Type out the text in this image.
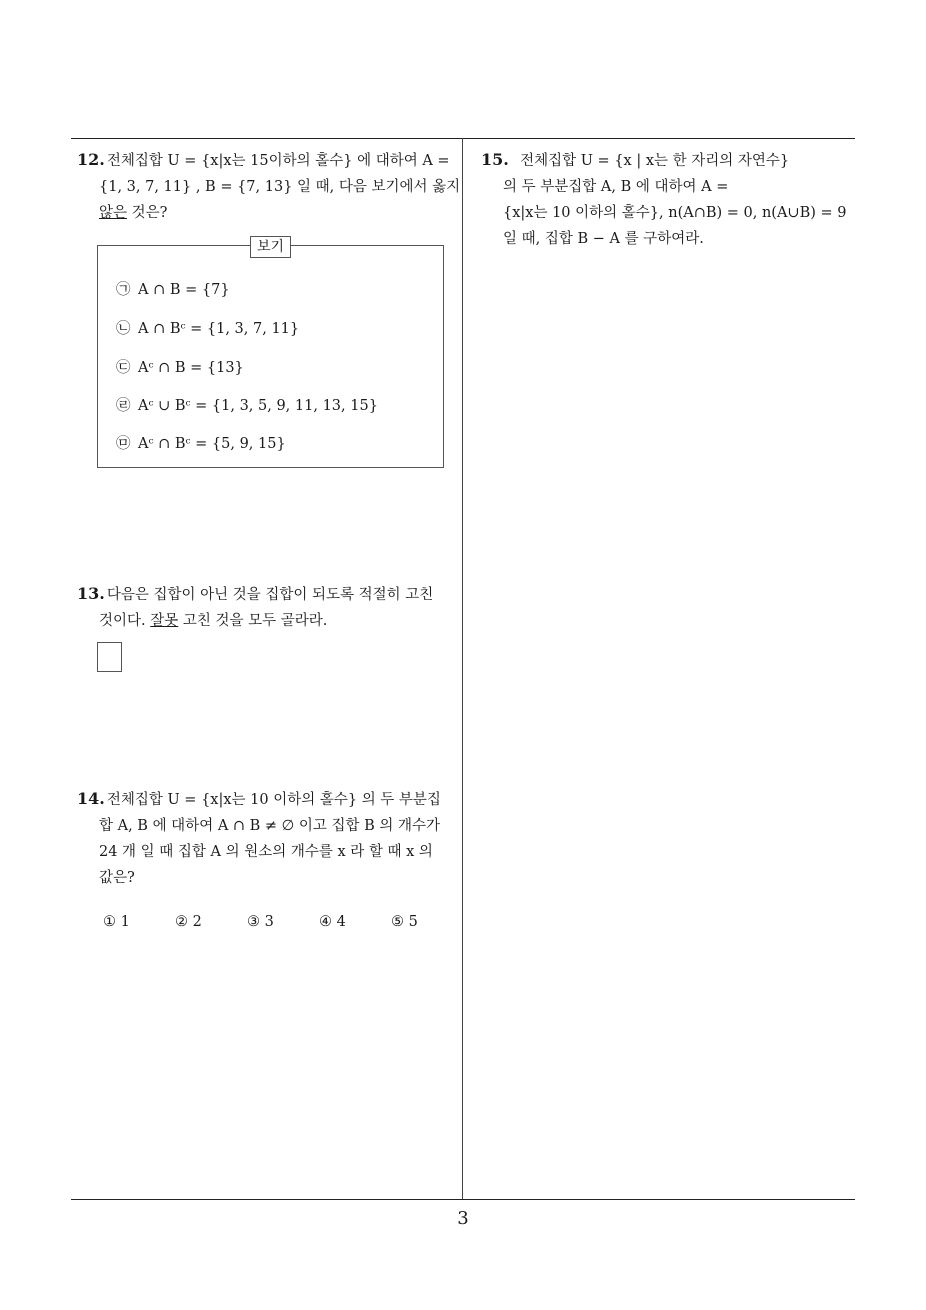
12. 전체집합 U = {x|x는 15이하의 홀수} 에 대하여 A =
{1, 3, 7, 11} , B = {7, 13} 일 때, 다음 보기에서 옳지
않은 것은?
보기
㉠ A ∩ B = {7}
㉡ A ∩ Bᶜ = {1, 3, 7, 11}
㉢ Aᶜ ∩ B = {13}
㉣ Aᶜ ∪ Bᶜ = {1, 3, 5, 9, 11, 13, 15}
㉤ Aᶜ ∩ Bᶜ = {5, 9, 15}
13. 다음은 집합이 아닌 것을 집합이 되도록 적절히 고친
것이다. 잘못 고친 것을 모두 골라라.
14. 전체집합 U = {x|x는 10 이하의 홀수} 의 두 부분집
합 A, B 에 대하여 A ∩ B ≠ ∅ 이고 집합 B 의 개수가
24 개 일 때 집합 A 의 원소의 개수를 x 라 할 때 x 의
값은?
① 1	② 2	③ 3	④ 4	⑤ 5
15. 전체집합 U = {x | x는 한 자리의 자연수}
의 두 부분집합 A, B 에 대하여 A =
{x|x는 10 이하의 홀수}, n(A∩B) = 0, n(A∪B) = 9
일 때, 집합 B − A 를 구하여라.
3
